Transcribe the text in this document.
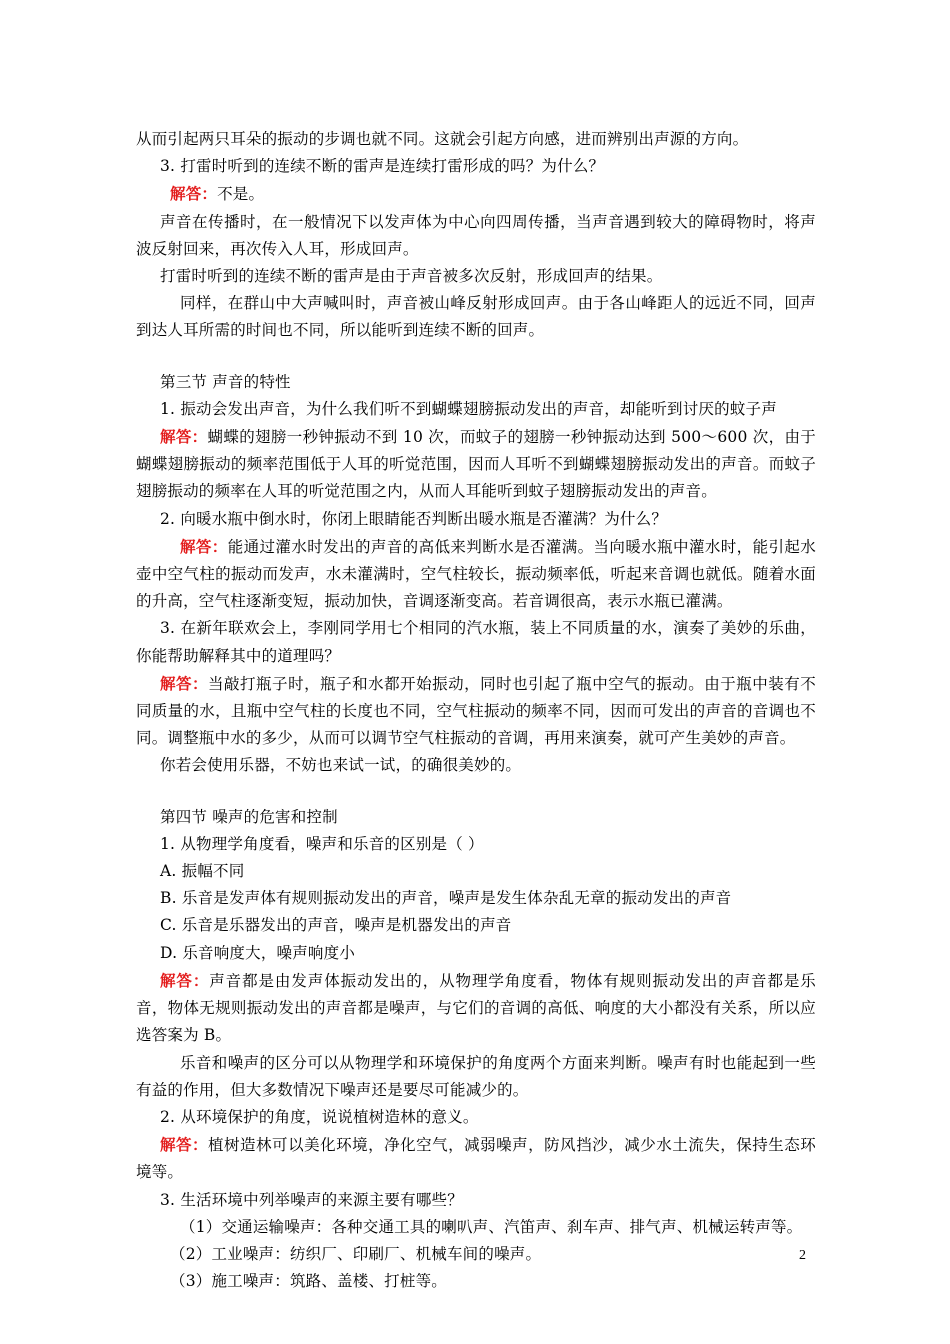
从而引起两只耳朵的振动的步调也就不同。这就会引起方向感，进而辨别出声源的方向。

3. 打雷时听到的连续不断的雷声是连续打雷形成的吗？为什么？

解答：不是。

声音在传播时，在一般情况下以发声体为中心向四周传播，当声音遇到较大的障碍物时，将声波反射回来，再次传入人耳，形成回声。

打雷时听到的连续不断的雷声是由于声音被多次反射，形成回声的结果。

同样，在群山中大声喊叫时，声音被山峰反射形成回声。由于各山峰距人的远近不同，回声到达人耳所需的时间也不同，所以能听到连续不断的回声。

第三节 声音的特性

1. 振动会发出声音，为什么我们听不到蝴蝶翅膀振动发出的声音，却能听到讨厌的蚊子声

解答：蝴蝶的翅膀一秒钟振动不到 10 次，而蚊子的翅膀一秒钟振动达到 500～600 次，由于蝴蝶翅膀振动的频率范围低于人耳的听觉范围，因而人耳听不到蝴蝶翅膀振动发出的声音。而蚊子翅膀振动的频率在人耳的听觉范围之内，从而人耳能听到蚊子翅膀振动发出的声音。

2. 向暖水瓶中倒水时，你闭上眼睛能否判断出暖水瓶是否灌满？为什么？

解答：能通过灌水时发出的声音的高低来判断水是否灌满。当向暖水瓶中灌水时，能引起水壶中空气柱的振动而发声，水未灌满时，空气柱较长，振动频率低，听起来音调也就低。随着水面的升高，空气柱逐渐变短，振动加快，音调逐渐变高。若音调很高，表示水瓶已灌满。

3. 在新年联欢会上，李刚同学用七个相同的汽水瓶，装上不同质量的水，演奏了美妙的乐曲，你能帮助解释其中的道理吗？

解答：当敲打瓶子时，瓶子和水都开始振动，同时也引起了瓶中空气的振动。由于瓶中装有不同质量的水，且瓶中空气柱的长度也不同，空气柱振动的频率不同，因而可发出的声音的音调也不同。调整瓶中水的多少，从而可以调节空气柱振动的音调，再用来演奏，就可产生美妙的声音。

你若会使用乐器，不妨也来试一试，的确很美妙的。

第四节 噪声的危害和控制

1. 从物理学角度看，噪声和乐音的区别是（ ）

A. 振幅不同

B. 乐音是发声体有规则振动发出的声音，噪声是发生体杂乱无章的振动发出的声音

C. 乐音是乐器发出的声音，噪声是机器发出的声音

D. 乐音响度大，噪声响度小

解答：声音都是由发声体振动发出的，从物理学角度看，物体有规则振动发出的声音都是乐音，物体无规则振动发出的声音都是噪声，与它们的音调的高低、响度的大小都没有关系，所以应选答案为 B。

乐音和噪声的区分可以从物理学和环境保护的角度两个方面来判断。噪声有时也能起到一些有益的作用，但大多数情况下噪声还是要尽可能减少的。

2. 从环境保护的角度，说说植树造林的意义。

解答：植树造林可以美化环境，净化空气，减弱噪声，防风挡沙，减少水土流失，保持生态环境等。

3. 生活环境中列举噪声的来源主要有哪些？

（1）交通运输噪声：各种交通工具的喇叭声、汽笛声、刹车声、排气声、机械运转声等。

（2）工业噪声：纺织厂、印刷厂、机械车间的噪声。

（3）施工噪声：筑路、盖楼、打桩等。

2
